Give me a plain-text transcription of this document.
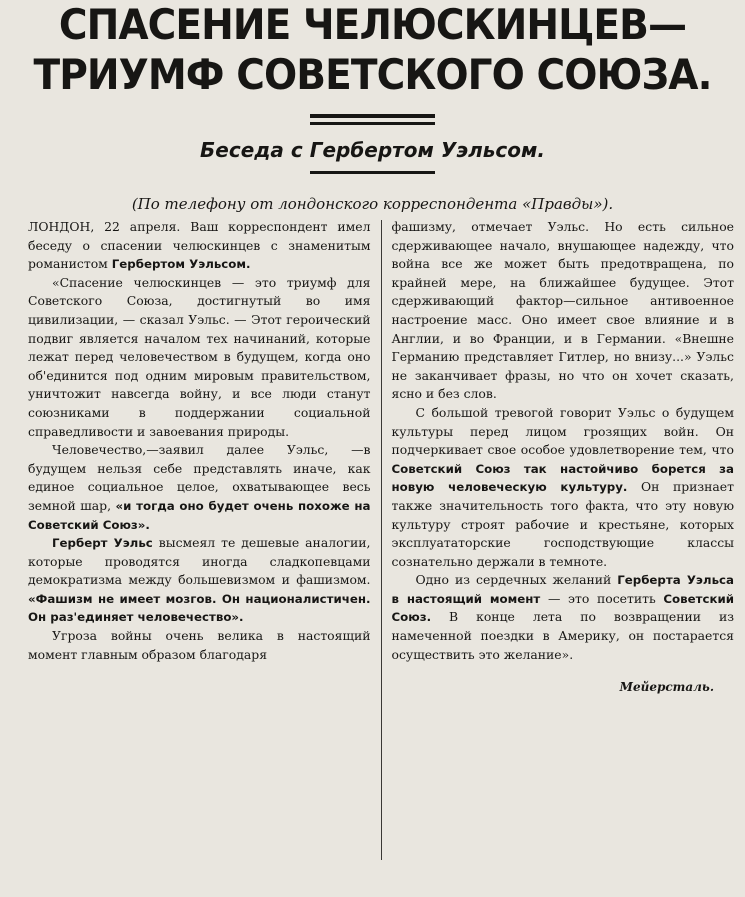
СПАСЕНИЕ ЧЕЛЮСКИНЦЕВ—
ТРИУМФ СОВЕТСКОГО СОЮЗА.
Беседа с Гербертом Уэльсом.
(По телефону от лондонского корреспондента «Правды»).

ЛОНДОН, 22 апреля. Ваш корреспондент имел беседу о спасении челюскинцев с знаменитым романистом Гербертом Уэльсом.

«Спасение челюскинцев — это триумф для Советского Союза, достигнутый во имя цивилизации, — сказал Уэльс. — Этот героический подвиг является началом тех начинаний, которые лежат перед человечеством в будущем, когда оно об'единится под одним мировым правительством, уничтожит навсегда войну, и все люди станут союзниками в поддержании социальной справедливости и завоевания природы.

Человечество,—заявил далее Уэльс, —в будущем нельзя себе представлять иначе, как единое социальное целое, охватывающее весь земной шар, «и тогда оно будет очень похоже на Советский Союз».

Герберт Уэльс высмеял те дешевые аналогии, которые проводятся иногда сладкопевцами демократизма между большевизмом и фашизмом. «Фашизм не имеет мозгов. Он националистичен. Он раз'единяет человечество».

Угроза войны очень велика в настоящий момент главным образом благодаря

фашизму, отмечает Уэльс. Но есть сильное сдерживающее начало, внушающее надежду, что война все же может быть предотвращена, по крайней мере, на ближайшее будущее. Этот сдерживающий фактор—сильное антивоенное настроение масс. Оно имеет свое влияние и в Англии, и во Франции, и в Германии. «Внешне Германию представляет Гитлер, но внизу...» Уэльс не заканчивает фразы, но что он хочет сказать, ясно и без слов.

С большой тревогой говорит Уэльс о будущем культуры перед лицом грозящих войн. Он подчеркивает свое особое удовлетворение тем, что Советский Союз так настойчиво борется за новую человеческую культуру. Он признает также значительность того факта, что эту новую культуру строят рабочие и крестьяне, которых эксплуататорские господствующие классы сознательно держали в темноте.

Одно из сердечных желаний Герберта Уэльса в настоящий момент — это посетить Советский Союз. В конце лета по возвращении из намеченной поездки в Америку, он постарается осуществить это желание».

Мейерсталь.
